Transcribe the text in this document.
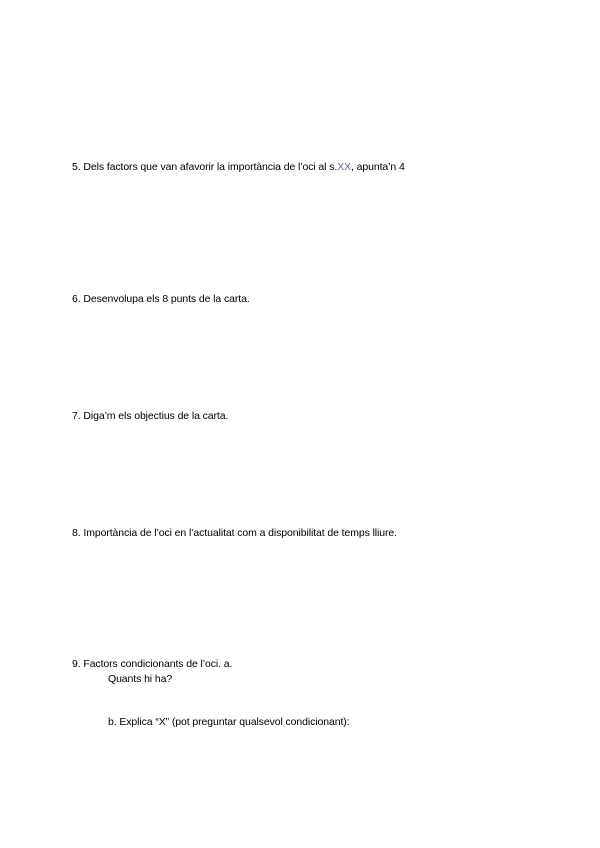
5. Dels factors que van afavorir la importància de l’oci al s.XX, apunta’n 4
6. Desenvolupa els 8 punts de la carta.
7. Diga’m els objectius de la carta.
8. Importància de l’oci en l’actualitat com a disponibilitat de temps lliure.
9. Factors condicionants de l’oci. a.
Quants hi ha?
b. Explica “X” (pot preguntar qualsevol condicionant):
